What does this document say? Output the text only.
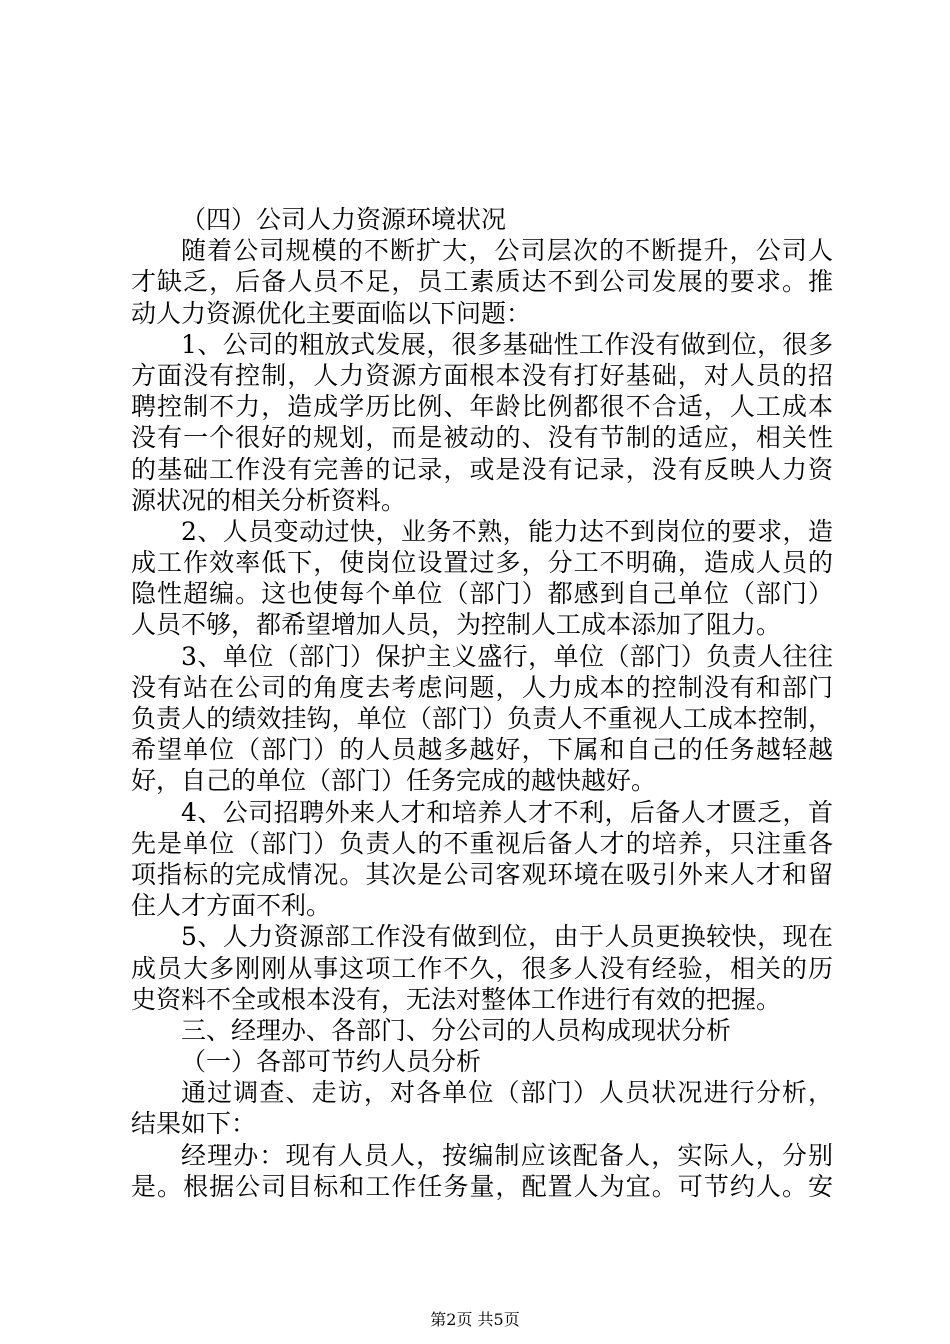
（四）公司人力资源环境状况
随着公司规模的不断扩大，公司层次的不断提升，公司人
才缺乏，后备人员不足，员工素质达不到公司发展的要求。推
动人力资源优化主要面临以下问题：
1、公司的粗放式发展，很多基础性工作没有做到位，很多
方面没有控制，人力资源方面根本没有打好基础，对人员的招
聘控制不力，造成学历比例、年龄比例都很不合适，人工成本
没有一个很好的规划，而是被动的、没有节制的适应，相关性
的基础工作没有完善的记录，或是没有记录，没有反映人力资
源状况的相关分析资料。
2、人员变动过快，业务不熟，能力达不到岗位的要求，造
成工作效率低下，使岗位设置过多，分工不明确，造成人员的
隐性超编。这也使每个单位（部门）都感到自己单位（部门）
人员不够，都希望增加人员，为控制人工成本添加了阻力。
3、单位（部门）保护主义盛行，单位（部门）负责人往往
没有站在公司的角度去考虑问题，人力成本的控制没有和部门
负责人的绩效挂钩，单位（部门）负责人不重视人工成本控制，
希望单位（部门）的人员越多越好，下属和自己的任务越轻越
好，自己的单位（部门）任务完成的越快越好。
4、公司招聘外来人才和培养人才不利，后备人才匮乏，首
先是单位（部门）负责人的不重视后备人才的培养，只注重各
项指标的完成情况。其次是公司客观环境在吸引外来人才和留
住人才方面不利。
5、人力资源部工作没有做到位，由于人员更换较快，现在
成员大多刚刚从事这项工作不久，很多人没有经验，相关的历
史资料不全或根本没有，无法对整体工作进行有效的把握。
三、经理办、各部门、分公司的人员构成现状分析
（一）各部可节约人员分析
通过调查、走访，对各单位（部门）人员状况进行分析，
结果如下：
经理办：现有人员人，按编制应该配备人，实际人，分别
是。根据公司目标和工作任务量，配置人为宜。可节约人。安
第2页 共5页
